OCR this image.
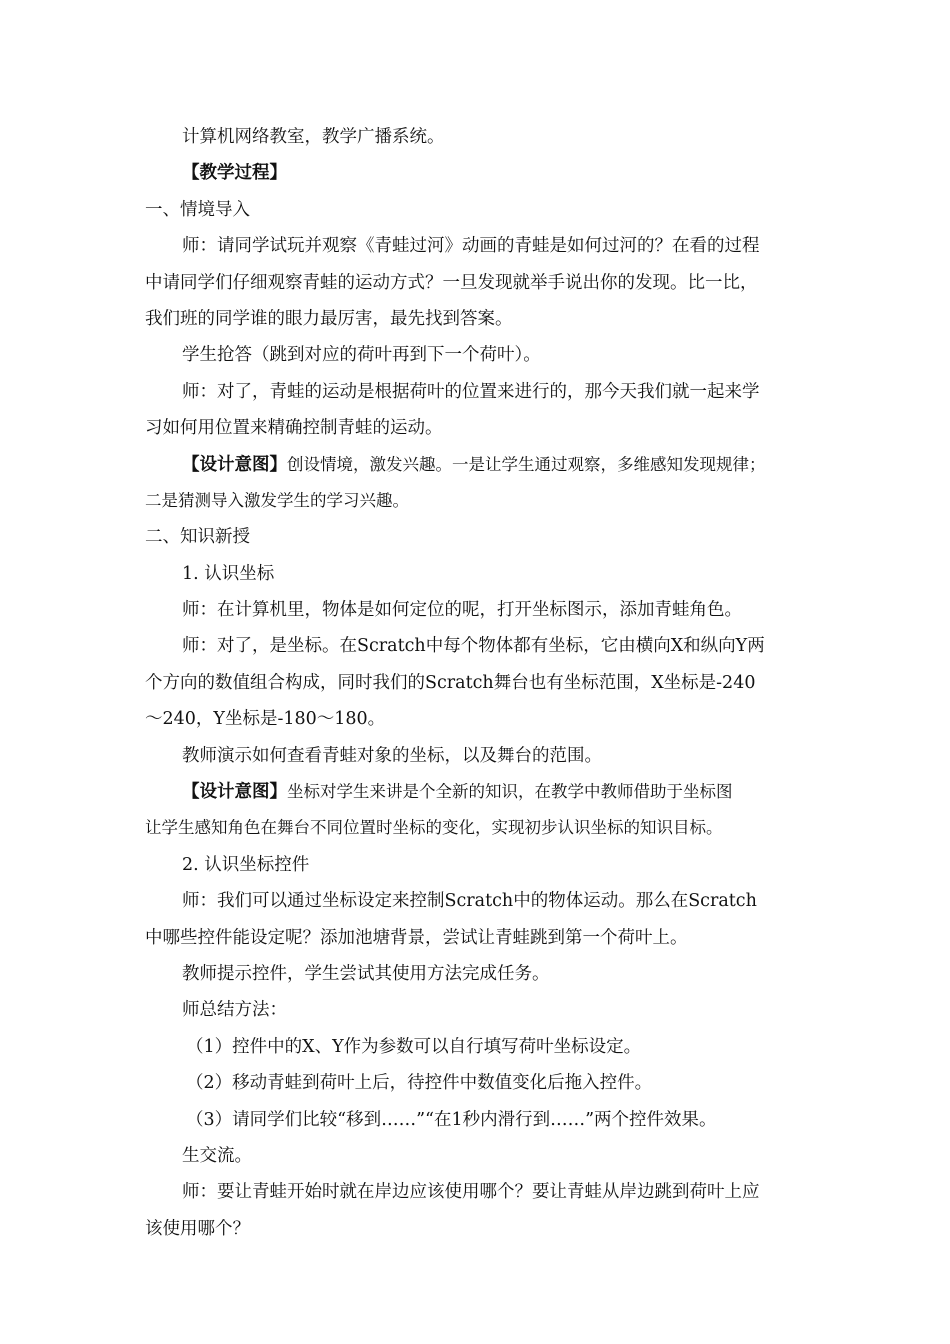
计算机网络教室，教学广播系统。
【教学过程】
一、情境导入
师：请同学试玩并观察《青蛙过河》动画的青蛙是如何过河的？在看的过程
中请同学们仔细观察青蛙的运动方式？一旦发现就举手说出你的发现。比一比，
我们班的同学谁的眼力最厉害，最先找到答案。
学生抢答（跳到对应的荷叶再到下一个荷叶）。
师：对了，青蛙的运动是根据荷叶的位置来进行的，那今天我们就一起来学
习如何用位置来精确控制青蛙的运动。
【设计意图】创设情境，激发兴趣。一是让学生通过观察，多维感知发现规律；
二是猜测导入激发学生的学习兴趣。
二、知识新授
1. 认识坐标
师：在计算机里，物体是如何定位的呢，打开坐标图示，添加青蛙角色。
师：对了，是坐标。在Scratch中每个物体都有坐标，它由横向X和纵向Y两
个方向的数值组合构成，同时我们的Scratch舞台也有坐标范围，X坐标是-240
～240，Y坐标是-180～180。
教师演示如何查看青蛙对象的坐标，以及舞台的范围。
【设计意图】坐标对学生来讲是个全新的知识，在教学中教师借助于坐标图
让学生感知角色在舞台不同位置时坐标的变化，实现初步认识坐标的知识目标。
2. 认识坐标控件
师：我们可以通过坐标设定来控制Scratch中的物体运动。那么在Scratch
中哪些控件能设定呢？添加池塘背景，尝试让青蛙跳到第一个荷叶上。
教师提示控件，学生尝试其使用方法完成任务。
师总结方法：
（1）控件中的X、Y作为参数可以自行填写荷叶坐标设定。
（2）移动青蛙到荷叶上后，待控件中数值变化后拖入控件。
（3）请同学们比较“移到……”“在1秒内滑行到……”两个控件效果。
生交流。
师：要让青蛙开始时就在岸边应该使用哪个？要让青蛙从岸边跳到荷叶上应
该使用哪个？
